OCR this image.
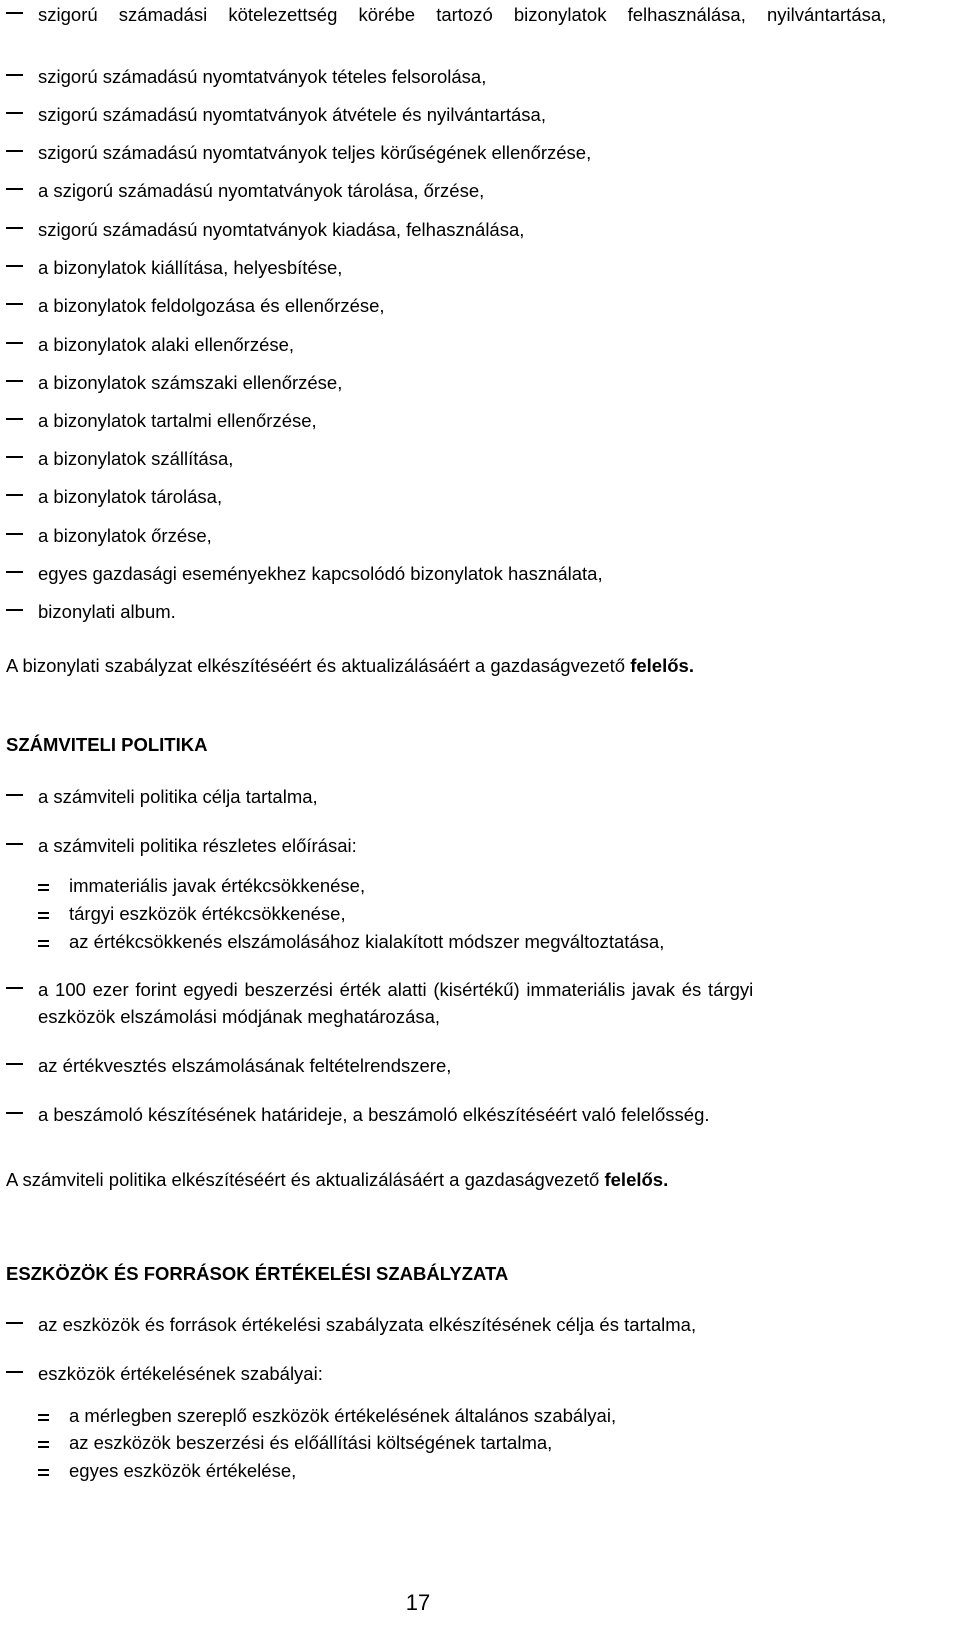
szigorú számadási kötelezettség körébe tartozó bizonylatok felhasználása, nyilvántartása,
szigorú számadású nyomtatványok tételes felsorolása,
szigorú számadású nyomtatványok átvétele és nyilvántartása,
szigorú számadású nyomtatványok teljes körűségének ellenőrzése,
a szigorú számadású nyomtatványok tárolása, őrzése,
szigorú számadású nyomtatványok kiadása, felhasználása,
a bizonylatok kiállítása, helyesbítése,
a bizonylatok feldolgozása és ellenőrzése,
a bizonylatok alaki ellenőrzése,
a bizonylatok számszaki ellenőrzése,
a bizonylatok tartalmi ellenőrzése,
a bizonylatok szállítása,
a bizonylatok tárolása,
a bizonylatok őrzése,
egyes gazdasági eseményekhez kapcsolódó bizonylatok használata,
bizonylati album.
A bizonylati szabályzat elkészítéséért és aktualizálásáért a gazdaságvezető felelős.
SZÁMVITELI POLITIKA
a számviteli politika célja tartalma,
a számviteli politika részletes előírásai:
immateriális javak értékcsökkenése,
tárgyi eszközök értékcsökkenése,
az értékcsökkenés elszámolásához kialakított módszer megváltoztatása,
a 100 ezer forint egyedi beszerzési érték alatti (kisértékű) immateriális javak és tárgyi
eszközök elszámolási módjának meghatározása,
az értékvesztés elszámolásának feltételrendszere,
a beszámoló készítésének határideje, a beszámoló elkészítéséért való felelősség.
A számviteli politika elkészítéséért és aktualizálásáért a gazdaságvezető felelős.
ESZKÖZÖK ÉS FORRÁSOK ÉRTÉKELÉSI SZABÁLYZATA
az eszközök és források értékelési szabályzata elkészítésének célja és tartalma,
eszközök értékelésének szabályai:
a mérlegben szereplő eszközök értékelésének általános szabályai,
az eszközök beszerzési és előállítási költségének tartalma,
egyes eszközök értékelése,
17
